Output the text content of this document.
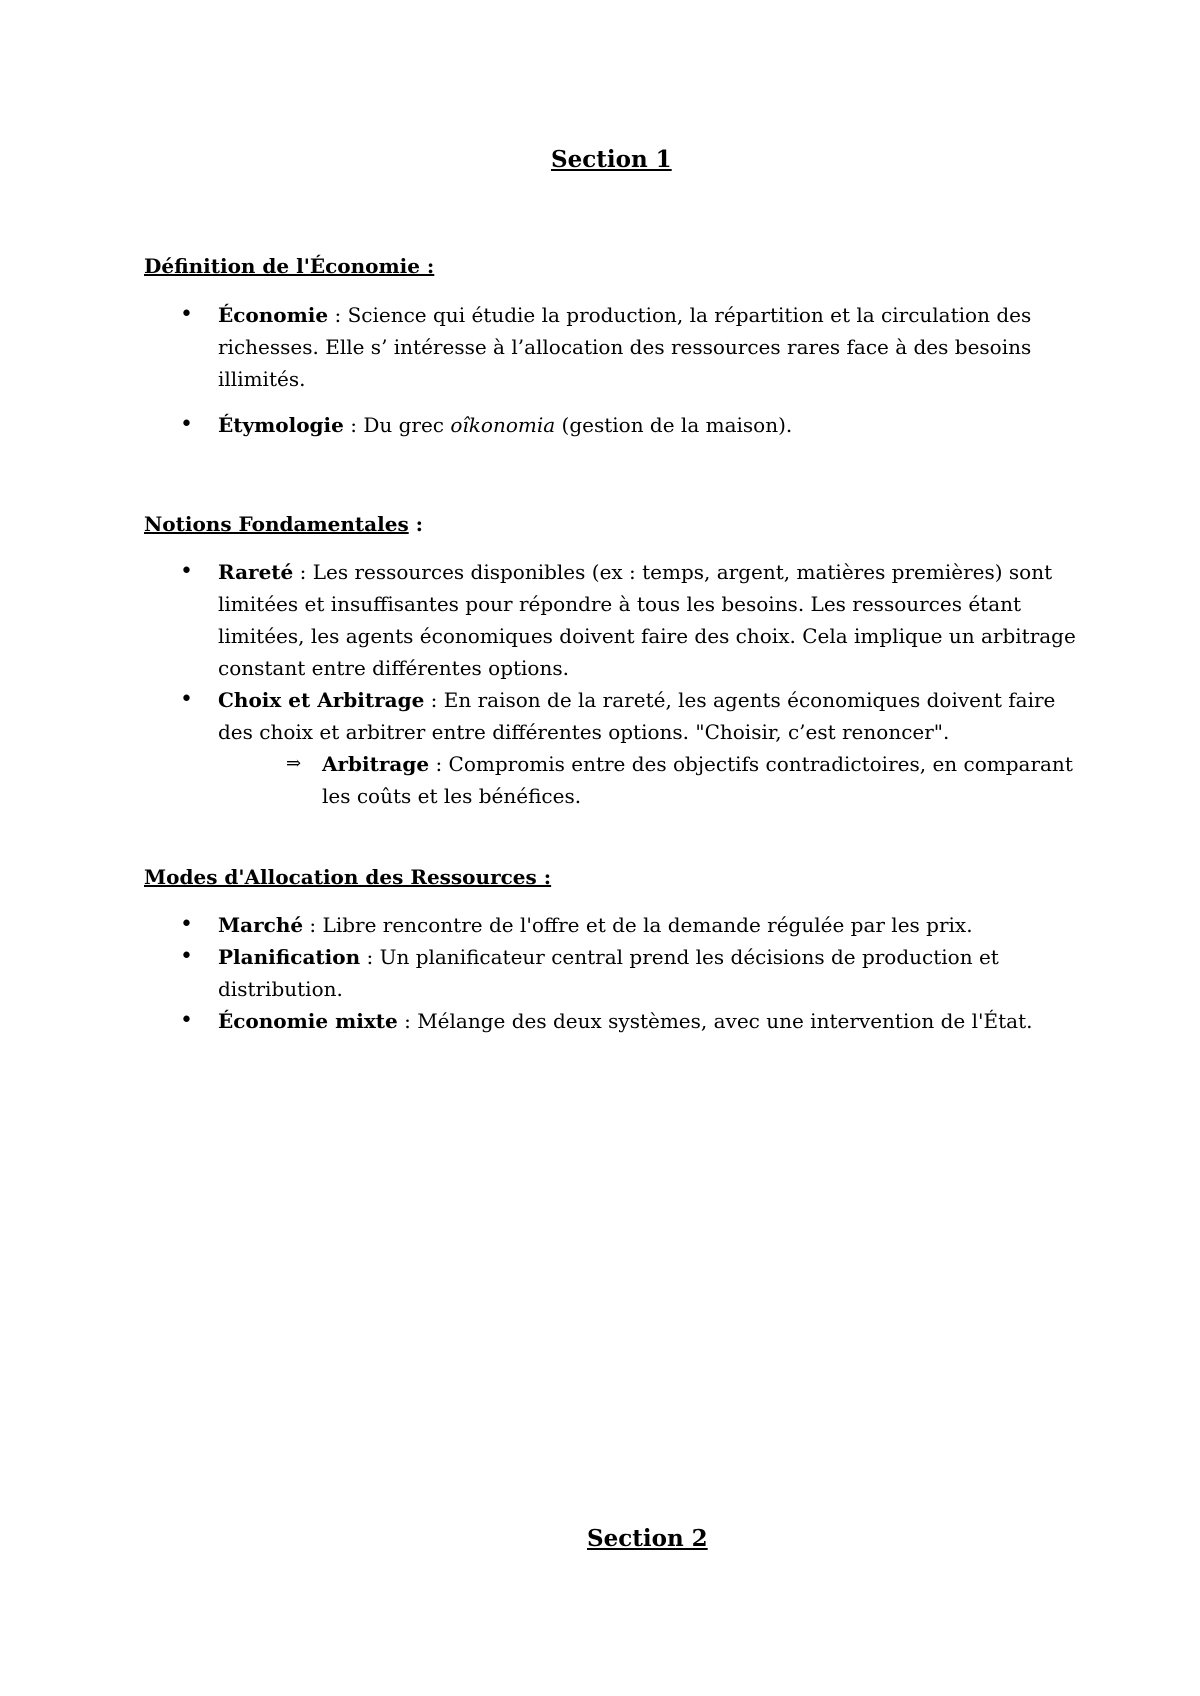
Section 1
Définition de l'Économie :
• Économie : Science qui étudie la production, la répartition et la circulation des richesses. Elle s’ intéresse à l’allocation des ressources rares face à des besoins illimités.
• Étymologie : Du grec oîkonomia (gestion de la maison).
Notions Fondamentales :
• Rareté : Les ressources disponibles (ex : temps, argent, matières premières) sont limitées et insuffisantes pour répondre à tous les besoins. Les ressources étant limitées, les agents économiques doivent faire des choix. Cela implique un arbitrage constant entre différentes options.
• Choix et Arbitrage : En raison de la rareté, les agents économiques doivent faire des choix et arbitrer entre différentes options. "Choisir, c’est renoncer".
⇒ Arbitrage : Compromis entre des objectifs contradictoires, en comparant les coûts et les bénéfices.
Modes d'Allocation des Ressources :
• Marché : Libre rencontre de l'offre et de la demande régulée par les prix.
• Planification : Un planificateur central prend les décisions de production et distribution.
• Économie mixte : Mélange des deux systèmes, avec une intervention de l'État.
Section 2
